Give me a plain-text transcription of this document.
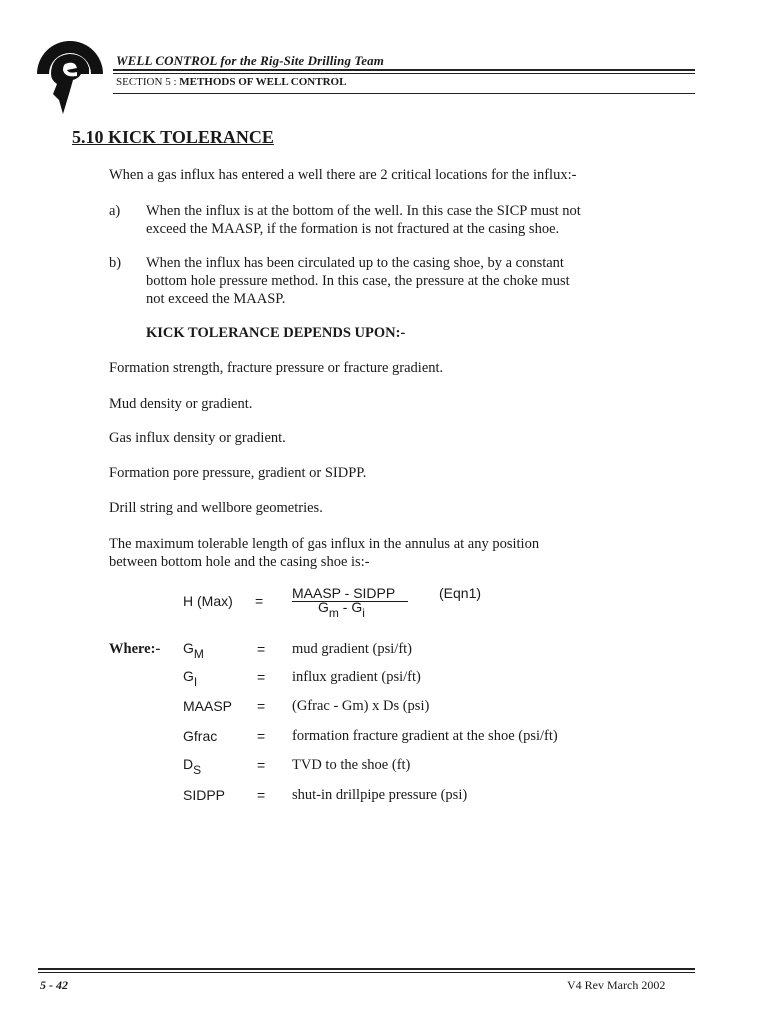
WELL CONTROL for the Rig-Site Drilling Team
SECTION 5 : METHODS OF WELL CONTROL
5.10 KICK TOLERANCE
When a gas influx has entered a well there are 2 critical locations for the influx:-
a) When the influx is at the bottom of the well. In this case the SICP must not
exceed the MAASP, if the formation is not fractured at the casing shoe.
b) When the influx has been circulated up to the casing shoe, by a constant
bottom hole pressure method. In this case, the pressure at the choke must
not exceed the MAASP.
KICK TOLERANCE DEPENDS UPON:-
Formation strength, fracture pressure or fracture gradient.
Mud density or gradient.
Gas influx density or gradient.
Formation pore pressure, gradient or SIDPP.
Drill string and wellbore geometries.
The maximum tolerable length of gas influx in the annulus at any position
between bottom hole and the casing shoe is:-
H (Max) = MAASP - SIDPP
Gm - Gi
(Eqn1)
Where:- GM	= mud gradient (psi/ft)
GI	= influx gradient (psi/ft)
MAASP = (Gfrac - Gm) x Ds (psi)
Gfrac	= formation fracture gradient at the shoe (psi/ft)
DS	= TVD to the shoe (ft)
SIDPP = shut-in drillpipe pressure (psi)
5 - 42	V4 Rev March 2002
